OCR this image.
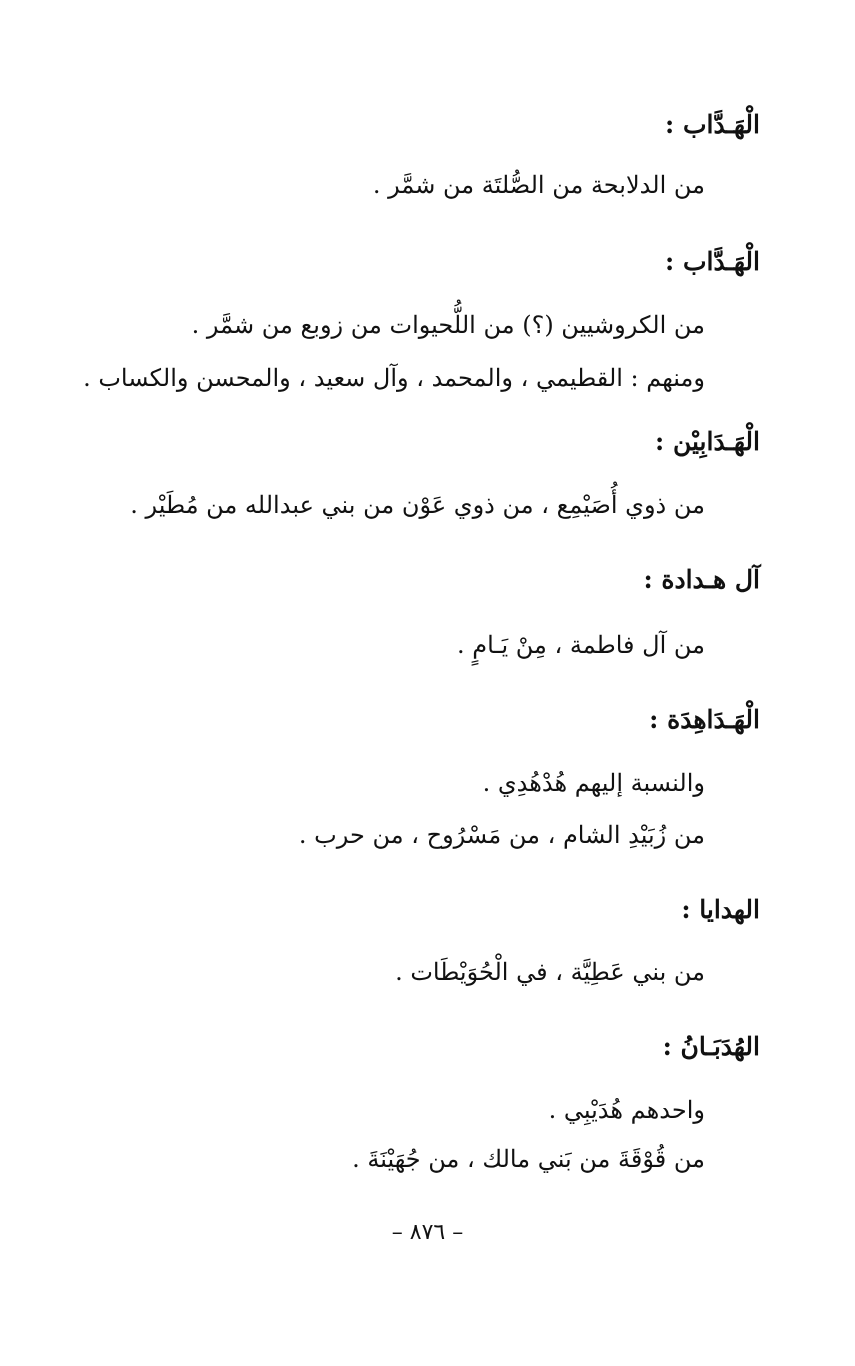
الْهَـدَّاب :
من الدلابحة من الصُّلتَة من شمَّر .
الْهَـدَّاب :
من الكروشيين (؟) من اللُّحيوات من زوبع من شمَّر .
ومنهم : القطيمي ، والمحمد ، وآل سعيد ، والمحسن والكساب .
الْهَـدَابِيْن :
من ذوي أُصَيْمِع ، من ذوي عَوْن من بني عبدالله من مُطَيْر .
آل هـدادة :
من آل فاطمة ، مِنْ يَـامٍ .
الْهَـدَاهِدَة :
والنسبة إليهم هُدْهُدِي .
من زُبَيْدِ الشام ، من مَسْرُوح ، من حرب .
الهدايا :
من بني عَطِيَّة ، في الْحُوَيْطَات .
الهُدَبَـانُ :
واحدهم هُدَيْبِي .
من قُوْقَةَ من بَني مالك ، من جُهَيْنَةَ .
– ٨٧٦ –
